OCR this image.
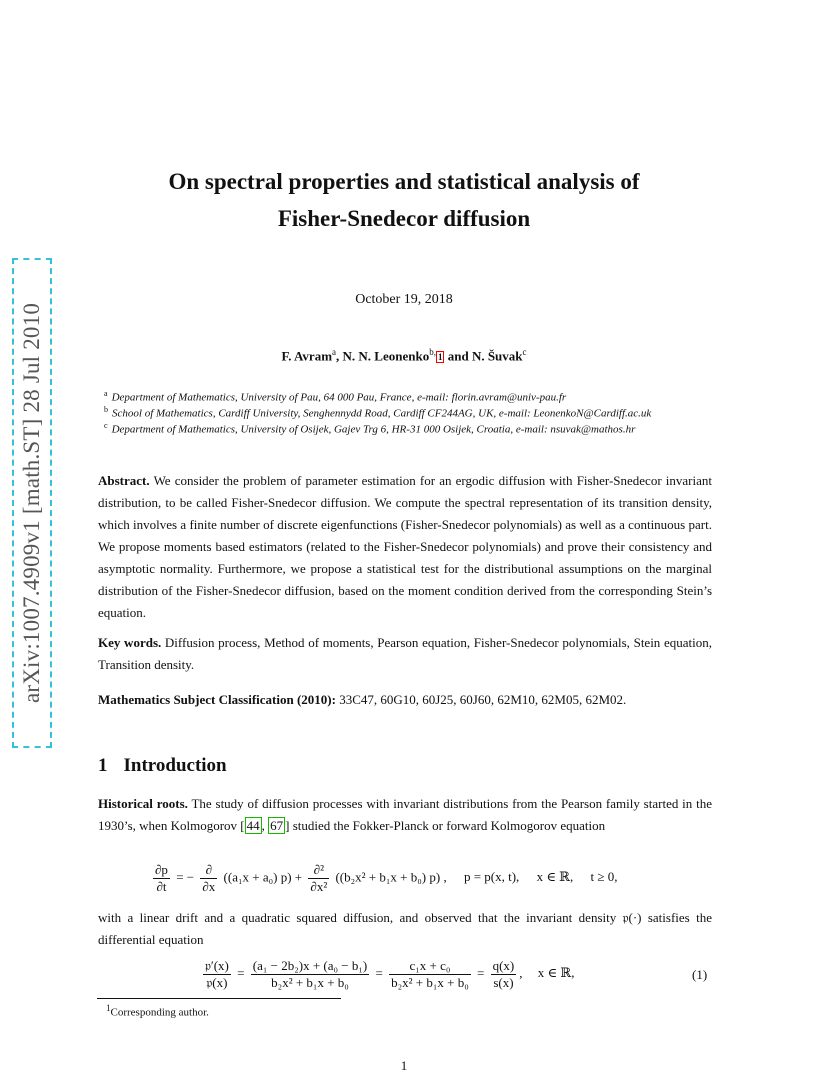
arXiv:1007.4909v1 [math.ST] 28 Jul 2010
On spectral properties and statistical analysis of
Fisher-Snedecor diffusion
October 19, 2018
F. Avram$^a$, N. N. Leonenko$^{b,}$1 and N. Šuvak$^c$
$^a$ Department of Mathematics, University of Pau, 64 000 Pau, France, e-mail: florin.avram@univ-pau.fr
$^b$ School of Mathematics, Cardiff University, Senghennydd Road, Cardiff CF244AG, UK, e-mail: LeonenkoN@Cardiff.ac.uk
$^c$ Department of Mathematics, University of Osijek, Gajev Trg 6, HR-31 000 Osijek, Croatia, e-mail: nsuvak@mathos.hr
Abstract. We consider the problem of parameter estimation for an ergodic diffusion with Fisher-Snedecor invariant distribution, to be called Fisher-Snedecor diffusion. We compute the spectral representation of its transition density, which involves a finite number of discrete eigenfunctions (Fisher-Snedecor polynomials) as well as a continuous part. We propose moments based estimators (related to the Fisher-Snedecor polynomials) and prove their consistency and asymptotic normality. Furthermore, we propose a statistical test for the distributional assumptions on the marginal distribution of the Fisher-Snedecor diffusion, based on the moment condition derived from the corresponding Stein’s equation.
Key words. Diffusion process, Method of moments, Pearson equation, Fisher-Snedecor polynomials, Stein equation, Transition density.
Mathematics Subject Classification (2010): 33C47, 60G10, 60J25, 60J60, 62M10, 62M05, 62M02.
1 Introduction
Historical roots. The study of diffusion processes with invariant distributions from the Pearson family started in the 1930’s, when Kolmogorov [ 44 , 67 ] studied the Fokker-Planck or forward Kolmogorov equation
$\frac{\partial p}{\partial t}$ = − $\frac{\partial}{\partial x} ((a_1x + a_0) p) + \frac{\text{∂²}}{\text{∂x²}} ((b_2x^2 + b_1x + b_0)$ p) , p = p(x, t), x ∈ ℝ, t ≥ 0,
with a linear drift and a quadratic squared diffusion, and observed that the invariant density 𝔭(·) satisfies the differential equation
$\frac{\text{𝔭′(x)}}{\text{𝔭(x)}} = \frac{\text{(a₁ − 2b₂)x + (a₀ − b₁)}}{\text{b₂x² + b₁x + b₀}} = \frac{\text{c₁x + c₀}}{\text{b₂x² + b₁x + b₀}} = \frac{q(x)}{s(x)}$ , x ∈ ℝ,	(1)
$^1$Corresponding author.
1
